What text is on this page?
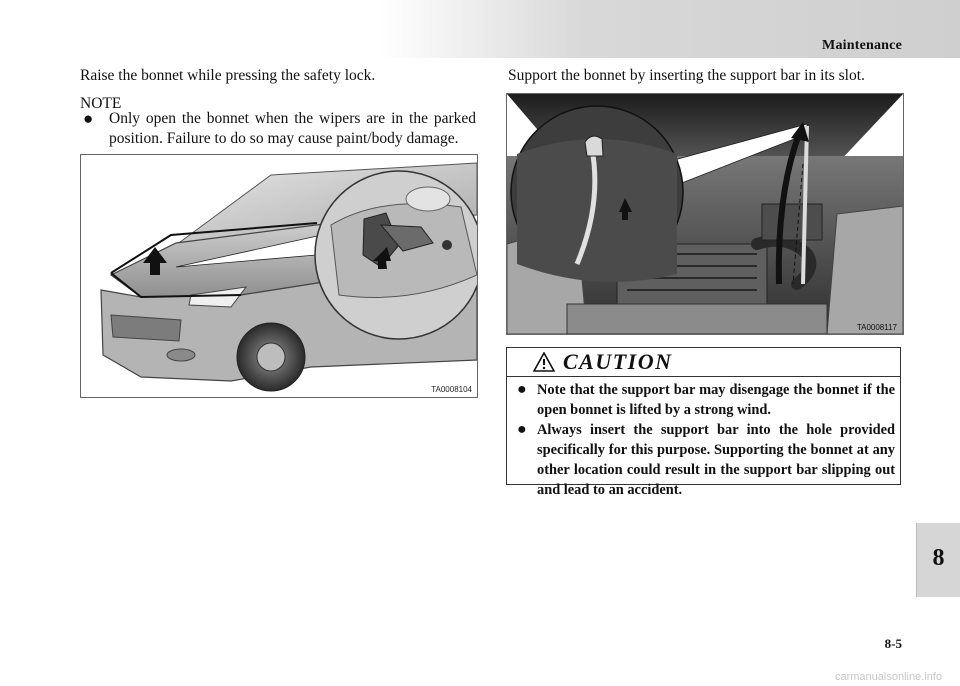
Maintenance
Raise the bonnet while pressing the safety lock.	Support the bonnet by inserting the support bar in its slot.
NOTE
● Only open the bonnet when the wipers are in the parked position. Failure to do so may cause paint/body damage.
TA0008104
TA0008117
CAUTION
● Note that the support bar may disengage the bonnet if the open bonnet is lifted by a strong wind.
● Always insert the support bar into the hole provided specifically for this purpose. Supporting the bonnet at any other location could result in the support bar slipping out and lead to an accident.
8
8-5
carmanualsonline.info
